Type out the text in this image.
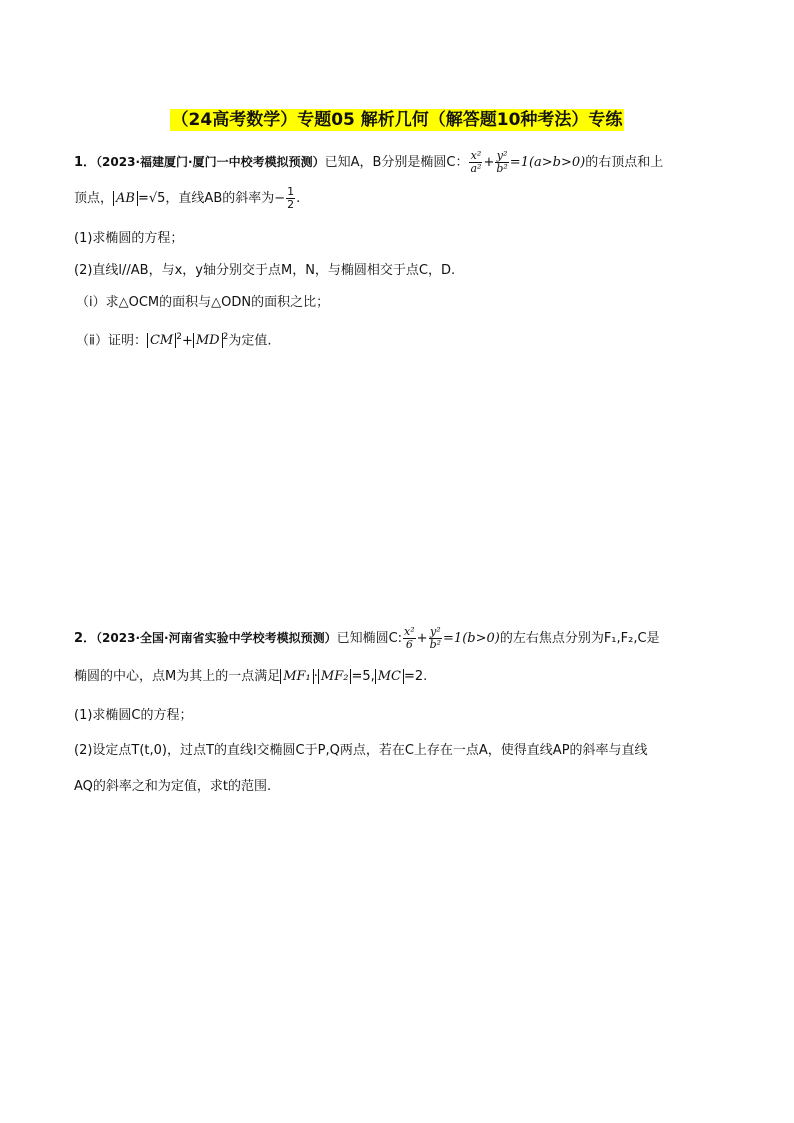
（24高考数学）专题05 解析几何（解答题10种考法）专练
1．（2023·福建厦门·厦门一中校考模拟预测）已知A，B分别是椭圆C： $\frac{\text{x²}}{\text{a²}} + \frac{\text{y²}}{\text{b²}} =1(a>b>0)$的右顶点和上
顶点， AB =√5，直线AB的斜率为− $\frac{1}{2}$ .
(1)求椭圆的方程；
(2)直线l//AB，与x，y轴分别交于点M，N，与椭圆相交于点C，D.
（i）求△OCM的面积与△ODN的面积之比；
（ⅱ）证明： CM $^2$+ MD $^2$为定值.
2．（2023·全国·河南省实验中学校考模拟预测）已知椭圆C: $\frac{\text{x²}}{6} + \frac{\text{y²}}{\text{b²}} =1(b>0)$的左右焦点分别为F₁,F₂,C是
椭圆的中心，点M为其上的一点满足 MF₁ · MF₂ =5, MC =2.
(1)求椭圆C的方程；
(2)设定点T(t,0)，过点T的直线l交椭圆C于P,Q两点，若在C上存在一点A，使得直线AP的斜率与直线
AQ的斜率之和为定值，求t的范围.
